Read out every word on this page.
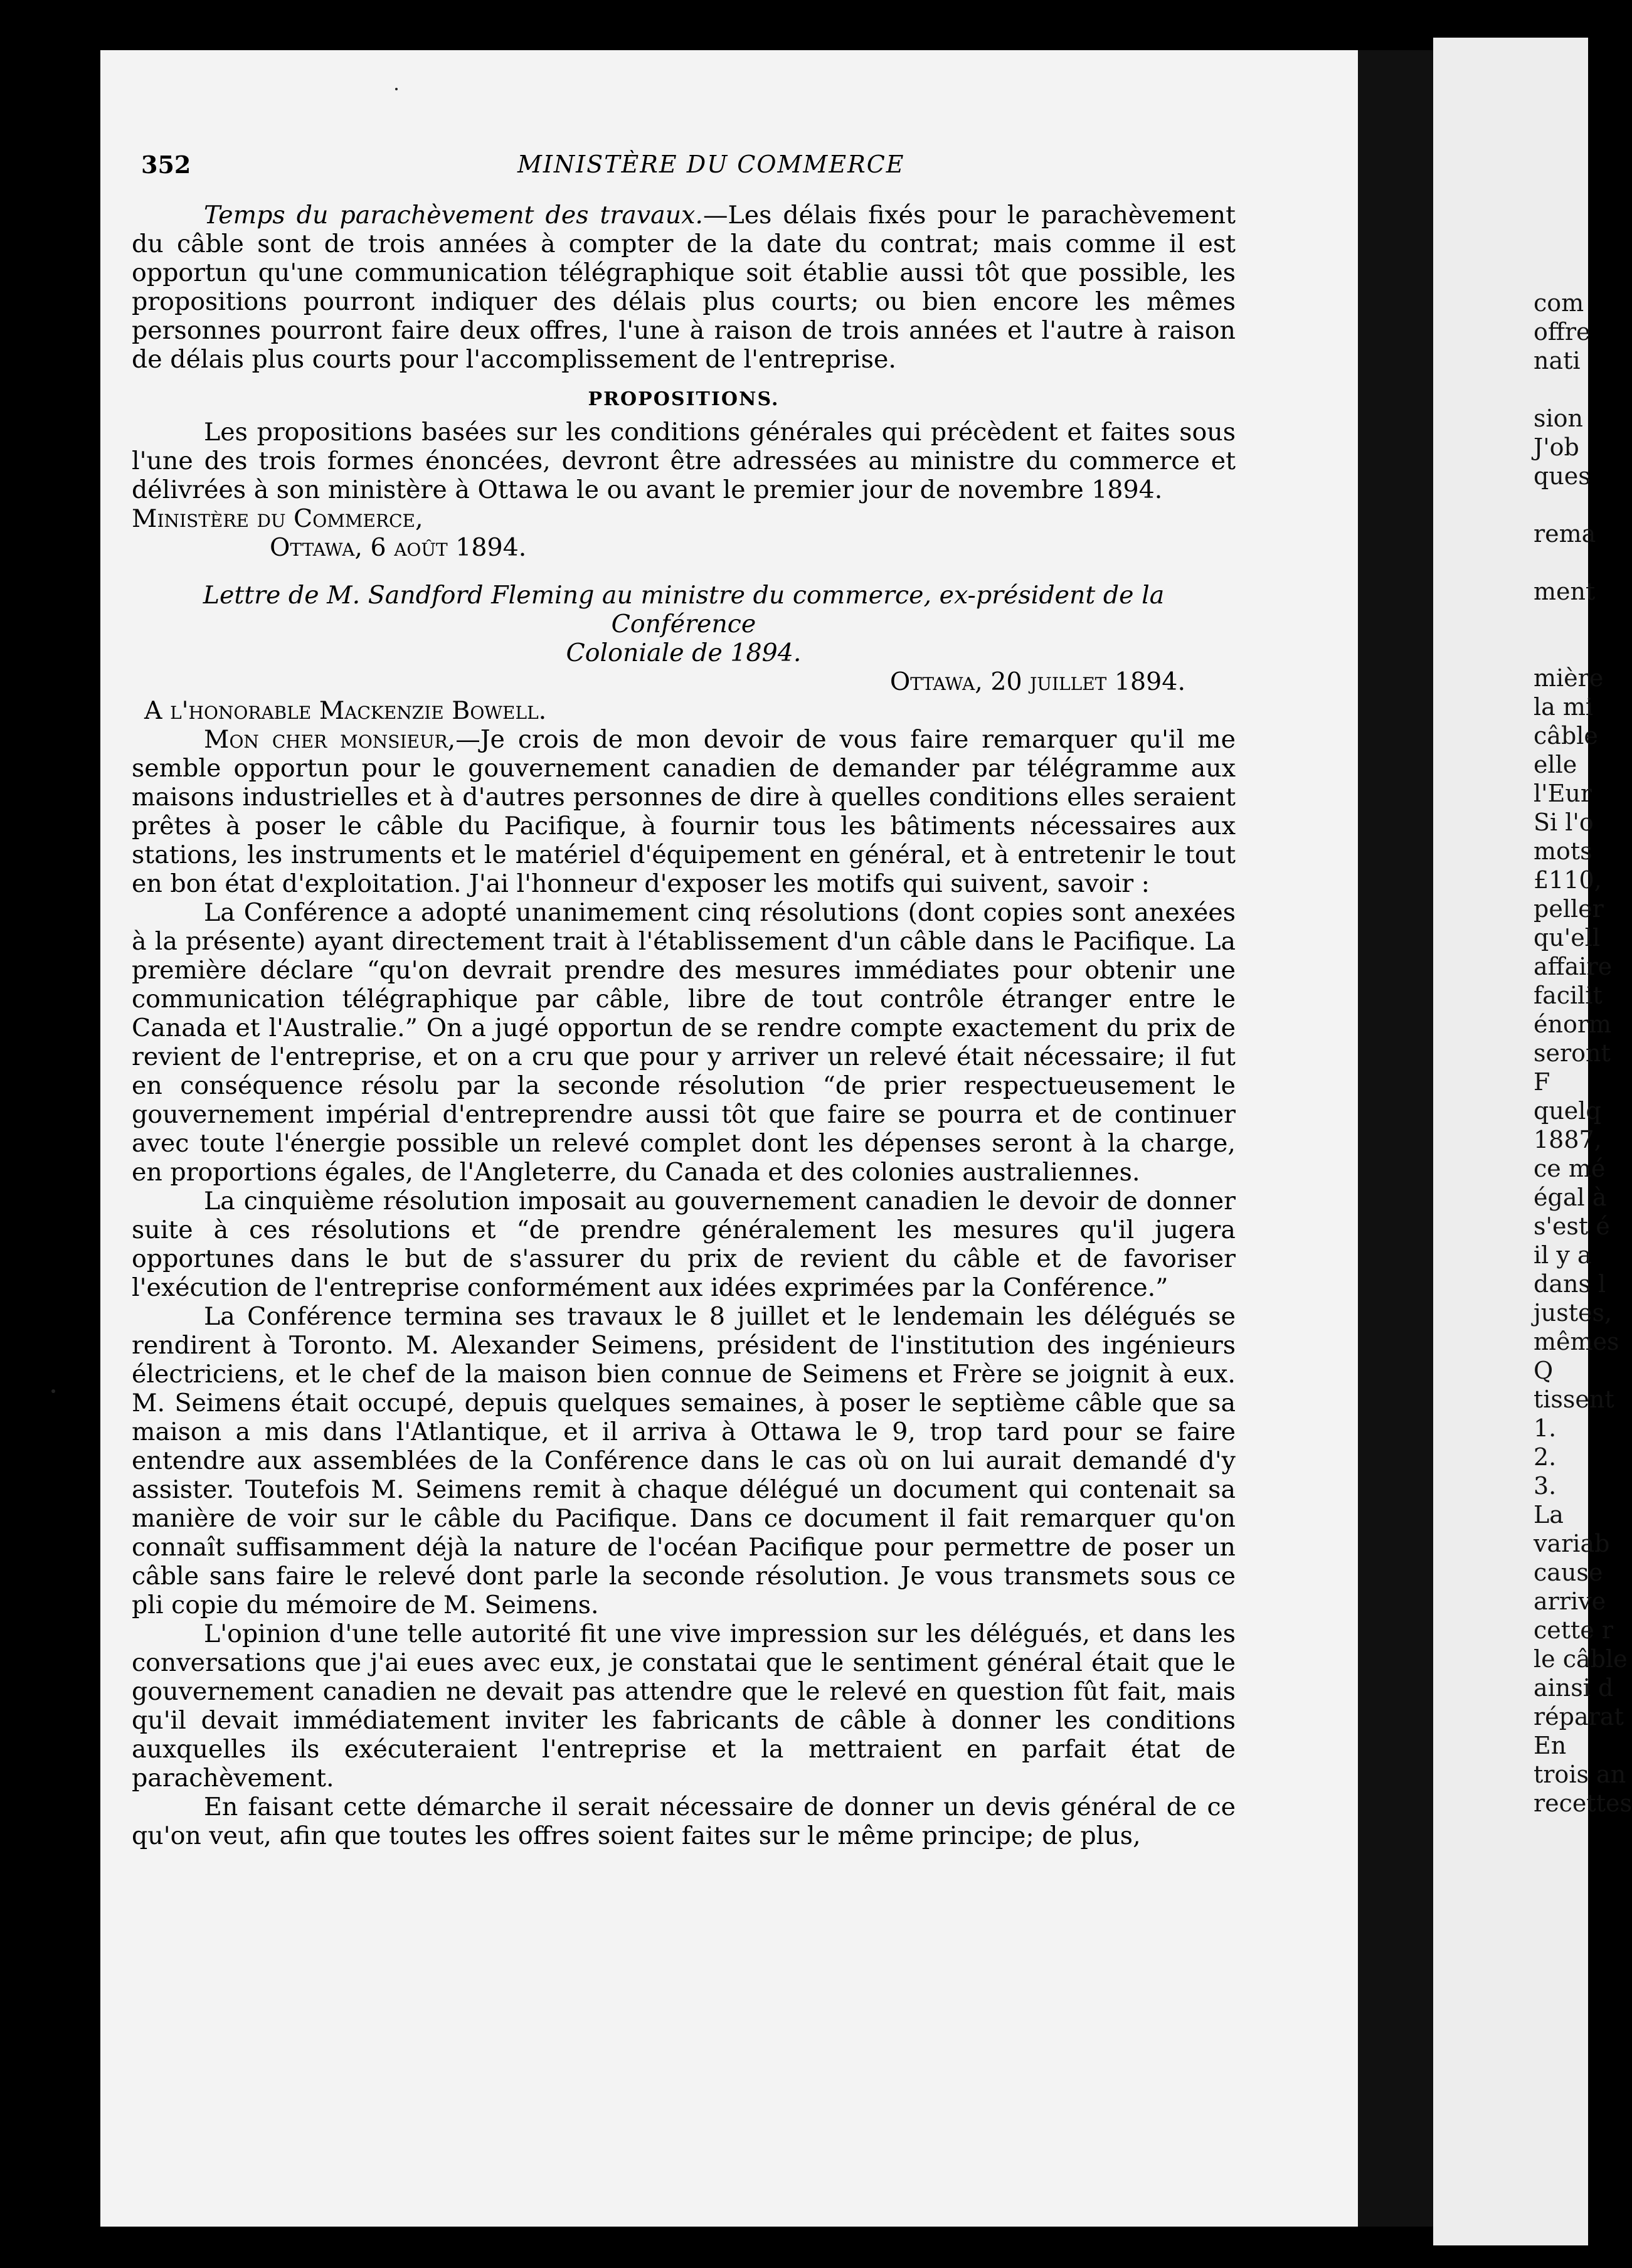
352	MINISTÈRE DU COMMERCE

Temps du parachèvement des travaux.—Les délais fixés pour le parachèvement du câble sont de trois années à compter de la date du contrat; mais comme il est opportun qu'une communication télégraphique soit établie aussi tôt que possible, les propositions pourront indiquer des délais plus courts; ou bien encore les mêmes personnes pourront faire deux offres, l'une à raison de trois années et l'autre à raison de délais plus courts pour l'accomplissement de l'entreprise.

PROPOSITIONS.

Les propositions basées sur les conditions générales qui précèdent et faites sous l'une des trois formes énoncées, devront être adressées au ministre du commerce et délivrées à son ministère à Ottawa le ou avant le premier jour de novembre 1894.

Ministère du Commerce,

Ottawa, 6 août 1894.

Lettre de M. Sandford Fleming au ministre du commerce, ex-président de la Conférence

Coloniale de 1894.

Ottawa, 20 juillet 1894.

A l'honorable Mackenzie Bowell.

Mon cher monsieur,—Je crois de mon devoir de vous faire remarquer qu'il me semble opportun pour le gouvernement canadien de demander par télégramme aux maisons industrielles et à d'autres personnes de dire à quelles conditions elles seraient prêtes à poser le câble du Pacifique, à fournir tous les bâtiments nécessaires aux stations, les instruments et le matériel d'équipement en général, et à entretenir le tout en bon état d'exploitation. J'ai l'honneur d'exposer les motifs qui suivent, savoir :

La Conférence a adopté unanimement cinq résolutions (dont copies sont anexées à la présente) ayant directement trait à l'établissement d'un câble dans le Pacifique. La première déclare “qu'on devrait prendre des mesures immédiates pour obtenir une communication télégraphique par câble, libre de tout contrôle étranger entre le Canada et l'Australie.” On a jugé opportun de se rendre compte exactement du prix de revient de l'entreprise, et on a cru que pour y arriver un relevé était nécessaire; il fut en conséquence résolu par la seconde résolution “de prier respectueusement le gouvernement impérial d'entreprendre aussi tôt que faire se pourra et de continuer avec toute l'énergie possible un relevé complet dont les dépenses seront à la charge, en proportions égales, de l'Angleterre, du Canada et des colonies australiennes.

La cinquième résolution imposait au gouvernement canadien le devoir de donner suite à ces résolutions et “de prendre généralement les mesures qu'il jugera opportunes dans le but de s'assurer du prix de revient du câble et de favoriser l'exécution de l'entreprise conformément aux idées exprimées par la Conférence.”

La Conférence termina ses travaux le 8 juillet et le lendemain les délégués se rendirent à Toronto. M. Alexander Seimens, président de l'institution des ingénieurs électriciens, et le chef de la maison bien connue de Seimens et Frère se joignit à eux. M. Seimens était occupé, depuis quelques semaines, à poser le septième câble que sa maison a mis dans l'Atlantique, et il arriva à Ottawa le 9, trop tard pour se faire entendre aux assemblées de la Conférence dans le cas où on lui aurait demandé d'y assister. Toutefois M. Seimens remit à chaque délégué un document qui contenait sa manière de voir sur le câble du Pacifique. Dans ce document il fait remarquer qu'on connaît suffisamment déjà la nature de l'océan Pacifique pour permettre de poser un câble sans faire le relevé dont parle la seconde résolution. Je vous transmets sous ce pli copie du mémoire de M. Seimens.

L'opinion d'une telle autorité fit une vive impression sur les délégués, et dans les conversations que j'ai eues avec eux, je constatai que le sentiment général était que le gouvernement canadien ne devait pas attendre que le relevé en question fût fait, mais qu'il devait immédiatement inviter les fabricants de câble à donner les conditions auxquelles ils exécuteraient l'entreprise et la mettraient en parfait état de parachèvement.

En faisant cette démarche il serait nécessaire de donner un devis général de ce qu'on veut, afin que toutes les offres soient faites sur le même principe; de plus,

com
offre
nati

sion
J'ob
ques

rema

ment

mière
la mi
câble
elle
l'Eur
Si l'o
mots
£110,
peller
qu'ell
affaire
facilit
énorm
seront
F
quelq
1887,
ce mé
égal à
s'est é
il y a
dans l
justes,
mêmes
Q
tissent
1.
2.
3.
La
variab
cause
arrive
cette r
le câble
ainsi d
réparat
En
trois an
recettes
